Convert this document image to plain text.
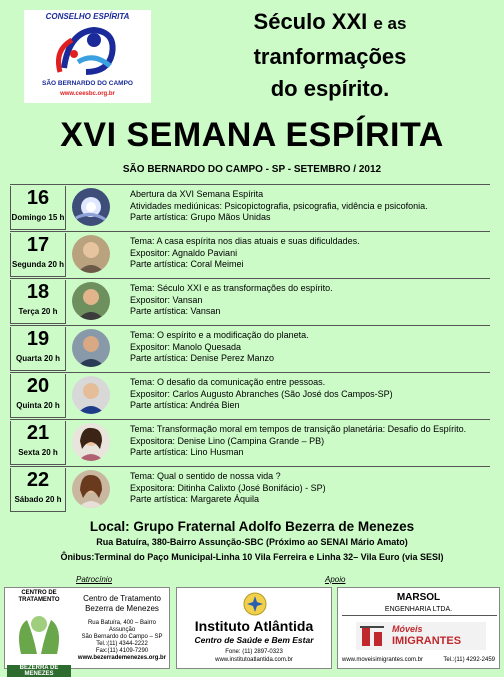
CONSELHO ESPÍRITA
SÃO BERNARDO DO CAMPO
www.ceesbc.org.br
Século XXI e as
tranformações
do espírito.
XVI SEMANA ESPÍRITA
SÃO BERNARDO DO CAMPO - SP - SETEMBRO / 2012
16
Domingo 15 h
Abertura da XVI Semana Espírita
Atividades mediúnicas: Psicopictografia, psicografia, vidência e psicofonia.
Parte artística: Grupo Mãos Unidas
17
Segunda 20 h
Tema: A casa espírita nos dias atuais e suas dificuldades.
Expositor: Agnaldo Paviani
Parte artística: Coral Meimei
18
Terça 20 h
Tema: Século XXI e as transformações do espírito.
Expositor: Vansan
Parte artística: Vansan
19
Quarta 20 h
Tema: O espírito e a modificação do planeta.
Expositor: Manolo Quesada
Parte artística: Denise Perez Manzo
20
Quinta 20 h
Tema: O desafio da comunicação entre pessoas.
Expositor: Carlos Augusto Abranches (São José dos Campos-SP)
Parte artística: Andréa Bien
21
Sexta 20 h
Tema: Transformação moral em tempos de transição planetária: Desafio do Espírito.
Expositora: Denise Lino (Campina Grande – PB)
Parte artística: Lino Husman
22
Sábado 20 h
Tema: Qual o sentido de nossa vida ?
Expositora: Ditinha Calixto (José Bonifácio) - SP)
Parte artística: Margarete Áquila
Local: Grupo Fraternal Adolfo Bezerra de Menezes
Rua Batuíra, 380-Bairro Assunção-SBC (Próximo ao SENAI Mário Amato)
Ônibus:Terminal do Paço Municipal-Linha 10 Vila Ferreira e Linha 32– Vila Euro (via SESI)
Patrocínio	Apoio
CENTRO DE TRATAMENTO
BEZERRA DE MENEZES
Centro de Tratamento
Bezerra de Menezes
Rua Batuíra, 400 – Bairro Assunção
São Bernardo do Campo – SP
Tel.:(11) 4344-2222
Fax:(11) 4109-7290
www.bezerrademenezes.org.br
Instituto Atlântida
Centro de Saúde e Bem Estar
Fone: (11) 2897-0323
www.institutoatlantida.com.br
MARSOL
ENGENHARIA LTDA.
Móveis
IMIGRANTES
www.moveisimigrantes.com.br	Tel.:(11) 4292-2459
